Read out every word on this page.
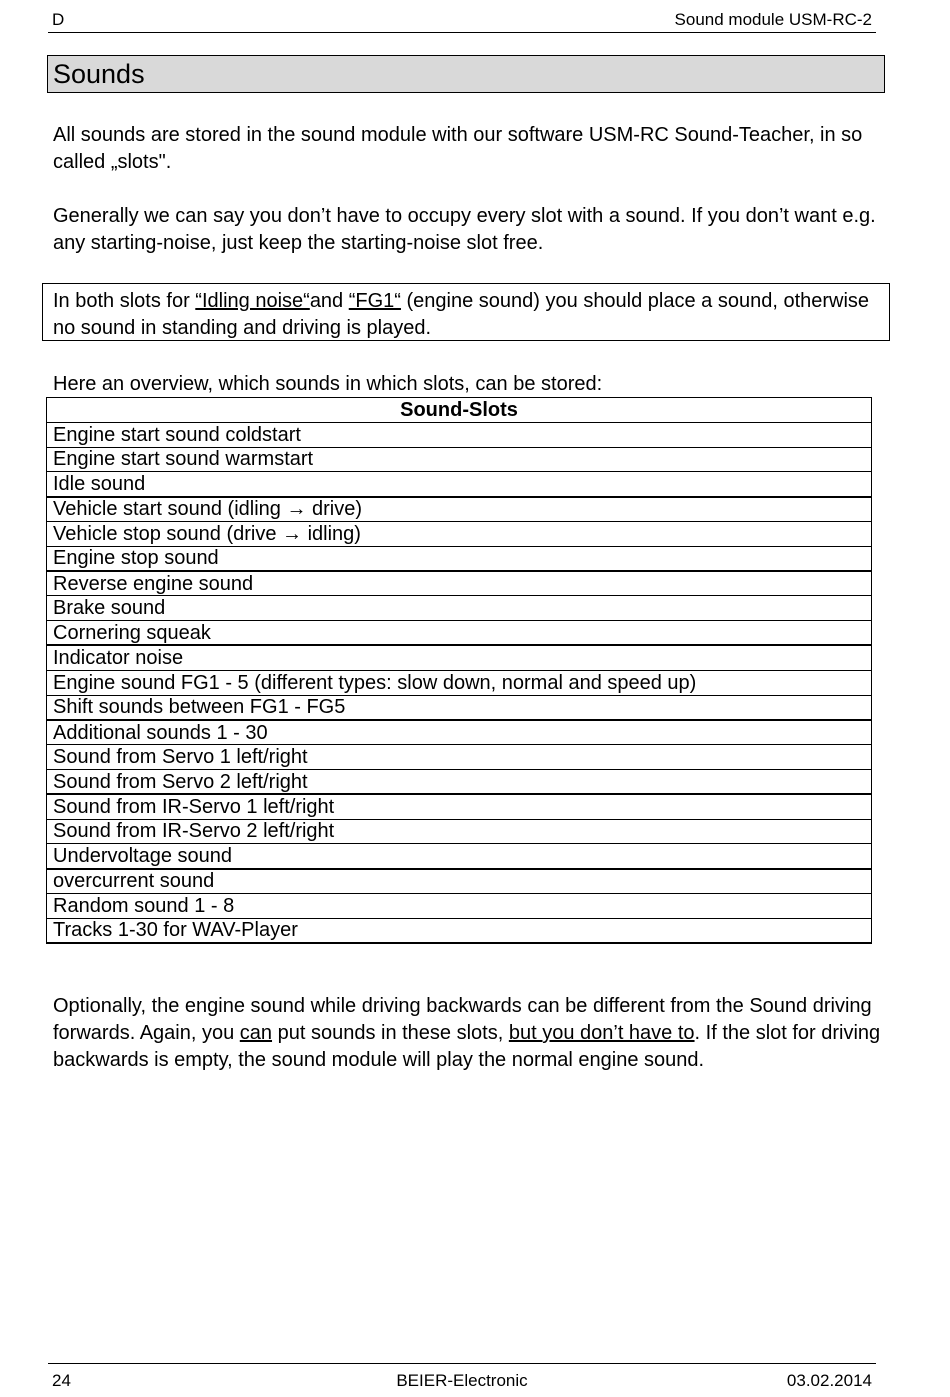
D	Sound module USM-RC-2
Sounds

All sounds are stored in the sound module with our software USM-RC Sound-Teacher, in so called „slots".

Generally we can say you don’t have to occupy every slot with a sound. If you don’t want e.g. any starting-noise, just keep the starting-noise slot free.

In both slots for “Idling noise“and “FG1“ (engine sound) you should place a sound, otherwise no sound in standing and driving is played.

Here an overview, which sounds in which slots, can be stored:

Sound-Slots
Engine start sound coldstart
Engine start sound warmstart
Idle sound
Vehicle start sound (idling → drive)
Vehicle stop sound (drive → idling)
Engine stop sound
Reverse engine sound
Brake sound
Cornering squeak
Indicator noise
Engine sound FG1 - 5 (different types: slow down, normal and speed up)
Shift sounds between FG1 - FG5
Additional sounds 1 - 30
Sound from Servo 1 left/right
Sound from Servo 2 left/right
Sound from IR-Servo 1 left/right
Sound from IR-Servo 2 left/right
Undervoltage sound
overcurrent sound
Random sound 1 - 8
Tracks 1-30 for WAV-Player

Optionally, the engine sound while driving backwards can be different from the Sound driving forwards. Again, you can put sounds in these slots, but you don’t have to. If the slot for driving backwards is empty, the sound module will play the normal engine sound.

24	BEIER-Electronic	03.02.2014
